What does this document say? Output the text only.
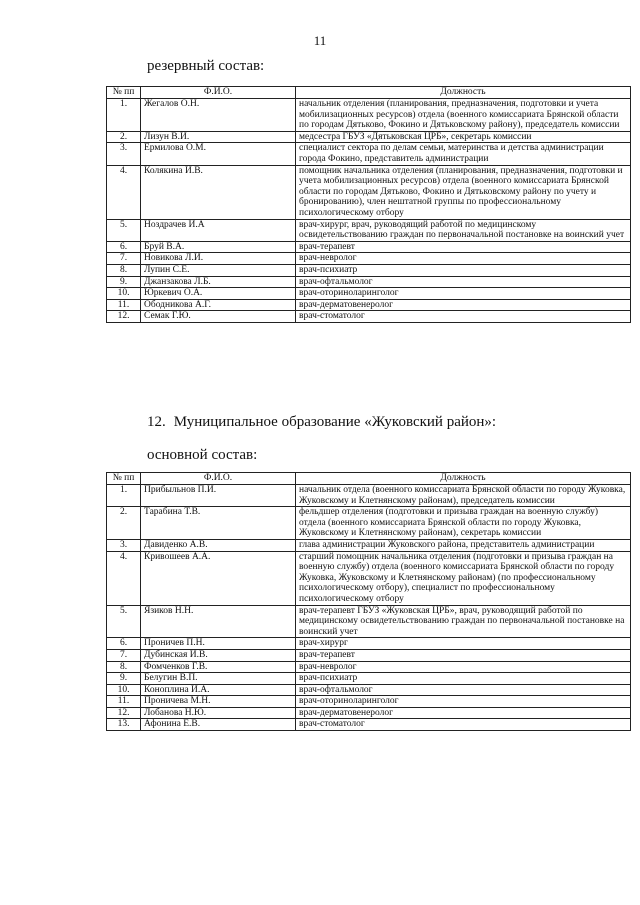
11
резервный состав:
№ пп	Ф.И.О.	Должность
1.	Жегалов О.Н.	начальник отделения (планирования, предназначения, подготовки и учета мобилизационных ресурсов) отдела (военного комиссариата Брянской области по городам Дятьково, Фокино и Дятьковскому району), председатель комиссии
2.	Лизун В.И.	медсестра ГБУЗ «Дятьковская ЦРБ», секретарь комиссии
3.	Ермилова О.М.	специалист сектора по делам семьи, материнства и детства администрации города Фокино, представитель администрации
4.	Колякина И.В.	помощник начальника отделения (планирования, предназначения, подготовки и учета мобилизационных ресурсов) отдела (военного комиссариата Брянской области по городам Дятьково, Фокино и Дятьковскому району по учету и бронированию), член нештатной группы по профессиональному психологическому отбору
5.	Ноздрачев И.А	врач-хирург, врач, руководящий работой по медицинскому освидетельствованию граждан по первоначальной постановке на воинский учет
6.	Бруй В.А.	врач-терапевт
7.	Новикова Л.И.	врач-невролог
8.	Лупин С.Е.	врач-психиатр
9.	Джанзакова Л.Б.	врач-офтальмолог
10.	Юркевич О.А.	врач-оториноларинголог
11.	Ободникова А.Г.	врач-дерматовенеролог
12.	Семак Г.Ю.	врач-стоматолог
12. Муниципальное образование «Жуковский район»:
основной состав:
№ пп	Ф.И.О.	Должность
1.	Прибыльнов П.И.	начальник отдела (военного комиссариата Брянской области по городу Жуковка, Жуковскому и Клетнянскому районам), председатель комиссии
2.	Тарабина Т.В.	фельдшер отделения (подготовки и призыва граждан на военную службу) отдела (военного комиссариата Брянской области по городу Жуковка, Жуковскому и Клетнянскому районам), секретарь комиссии
3.	Давиденко А.В.	глава администрации Жуковского района, представитель администрации
4.	Кривошеев А.А.	старший помощник начальника отделения (подготовки и призыва граждан на военную службу) отдела (военного комиссариата Брянской области по городу Жуковка, Жуковскому и Клетнянскому районам) (по профессиональному психологическому отбору), специалист по профессиональному психологическому отбору
5.	Язиков Н.Н.	врач-терапевт ГБУЗ «Жуковская ЦРБ», врач, руководящий работой по медицинскому освидетельствованию граждан по первоначальной постановке на воинский учет
6.	Проничев П.Н.	врач-хирург
7.	Дубинская И.В.	врач-терапевт
8.	Фомченков Г.В.	врач-невролог
9.	Белугин В.П.	врач-психиатр
10.	Коноплина И.А.	врач-офтальмолог
11.	Проничева М.Н.	врач-оториноларинголог
12.	Лобанова Н.Ю.	врач-дерматовенеролог
13.	Афонина Е.В.	врач-стоматолог
